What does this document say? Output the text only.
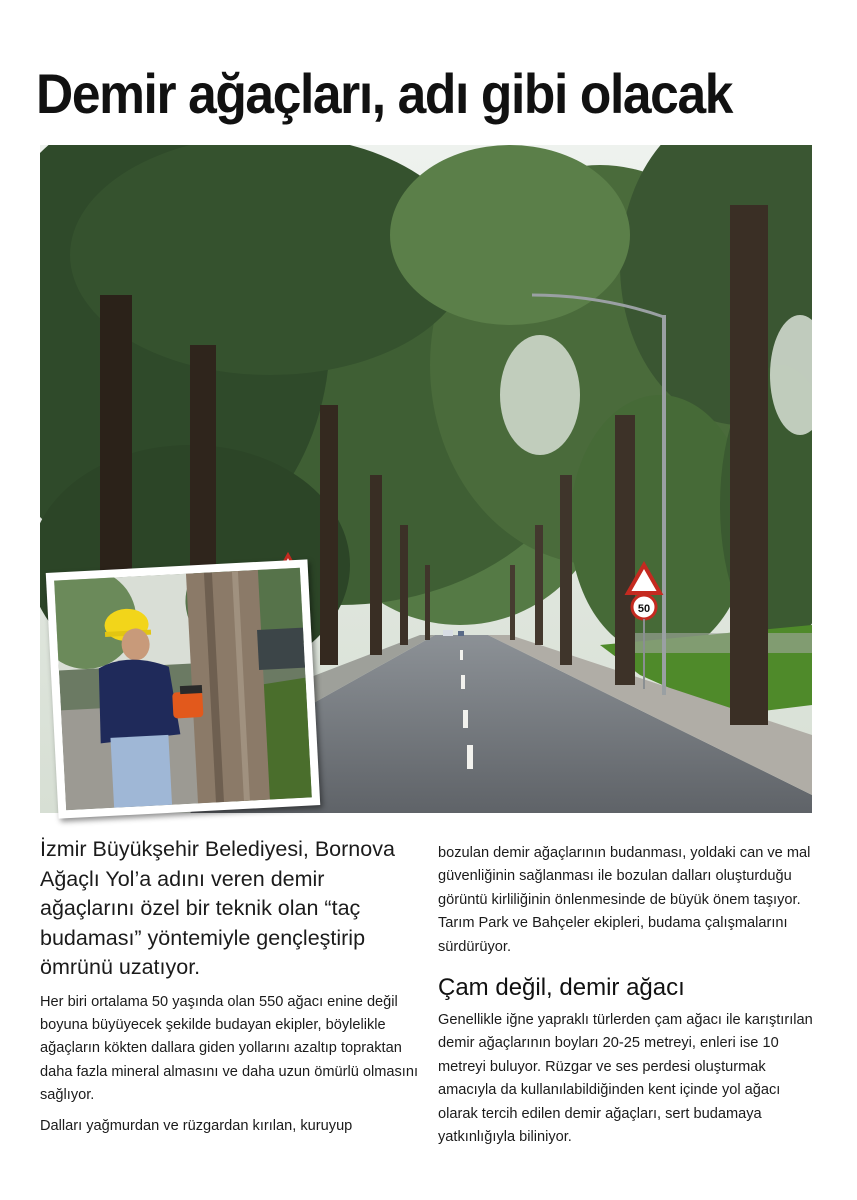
Demir ağaçları, adı gibi olacak
50

İzmir Büyükşehir Belediyesi, Bornova Ağaçlı Yol’a adını veren demir ağaçlarını özel bir teknik olan “taç budaması” yöntemiyle gençleştirip ömrünü uzatıyor.

Her biri ortalama 50 yaşında olan 550 ağacı enine değil boyuna büyüyecek şekilde budayan ekipler, böylelikle ağaçların kökten dallara giden yollarını azaltıp topraktan daha fazla mineral almasını ve daha uzun ömürlü olmasını sağlıyor.

Dalları yağmurdan ve rüzgardan kırılan, kuruyup

bozulan demir ağaçlarının budanması, yoldaki can ve mal güvenliğinin sağlanması ile bozulan dalları oluşturduğu görüntü kirliliğinin önlenmesinde de büyük önem taşıyor. Tarım Park ve Bahçeler ekipleri, budama çalışmalarını sürdürüyor.

Çam değil, demir ağacı

Genellikle iğne yapraklı türlerden çam ağacı ile karıştırılan demir ağaçlarının boyları 20-25 metreyi, enleri ise 10 metreyi buluyor. Rüzgar ve ses perdesi oluşturmak amacıyla da kullanılabildiğinden kent içinde yol ağacı olarak tercih edilen demir ağaçları, sert budamaya yatkınlığıyla biliniyor.
